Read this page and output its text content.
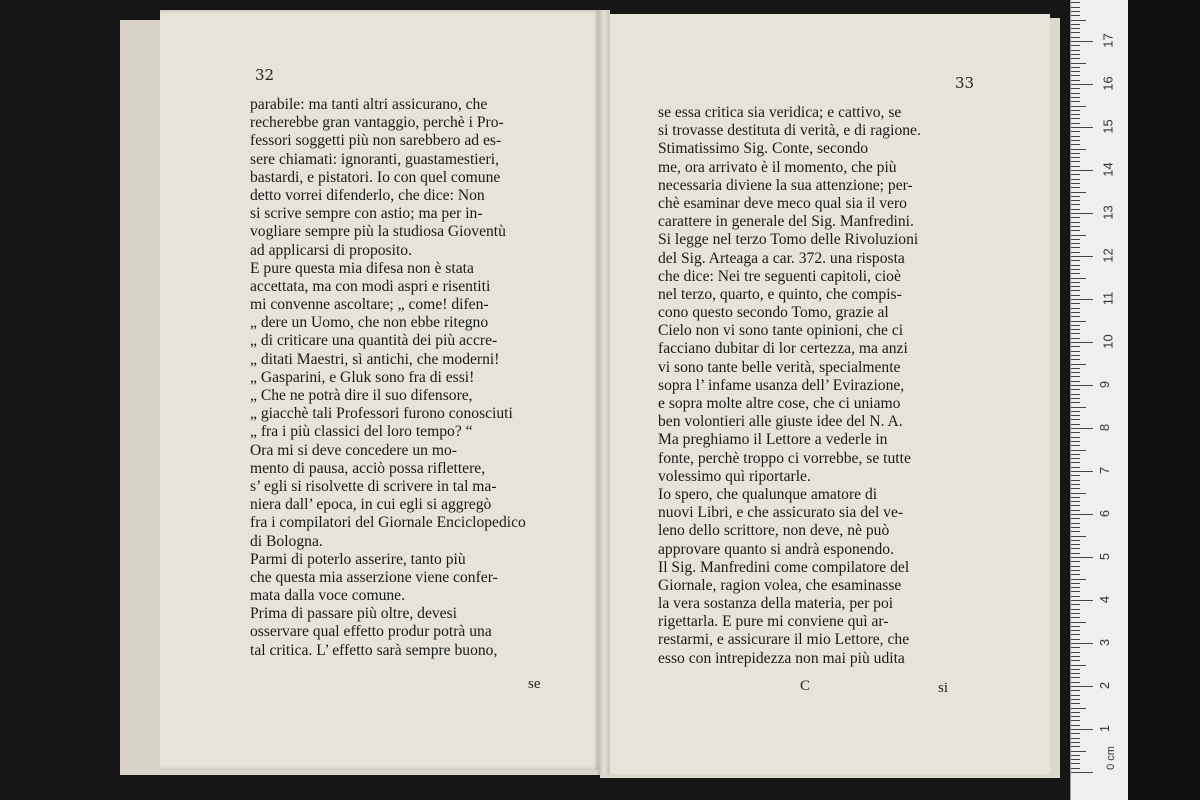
32	33
parabile: ma tanti altri assicurano, che
recherebbe gran vantaggio, perchè i Pro-
fessori soggetti più non sarebbero ad es-
sere chiamati: ignoranti, guastamestieri,
bastardi, e pistatori. Io con quel comune
detto vorrei difenderlo, che dice: Non
si scrive sempre con astio; ma per in-
vogliare sempre più la studiosa Gioventù
ad applicarsi di proposito.
E pure questa mia difesa non è stata
accettata, ma con modi aspri e risentiti
mi convenne ascoltare; „ come! difen-
„ dere un Uomo, che non ebbe ritegno
„ di criticare una quantità dei più accre-
„ ditati Maestri, sì antichi, che moderni!
„ Gasparini, e Gluk sono fra di essi!
„ Che ne potrà dire il suo difensore,
„ giacchè tali Professori furono conosciuti
„ fra i più classici del loro tempo? “
Ora mi si deve concedere un mo-
mento di pausa, acciò possa riflettere,
s’ egli si risolvette di scrivere in tal ma-
niera dall’ epoca, in cui egli si aggregò
fra i compilatori del Giornale Enciclopedico
di Bologna.
Parmi di poterlo asserire, tanto più
che questa mia asserzione viene confer-
mata dalla voce comune.
Prima di passare più oltre, devesi
osservare qual effetto produr potrà una
tal critica. L’ effetto sarà sempre buono,
se essa critica sia veridica; e cattivo, se
si trovasse destituta di verità, e di ragione.
Stimatissimo Sig. Conte, secondo
me, ora arrivato è il momento, che più
necessaria diviene la sua attenzione; per-
chè esaminar deve meco qual sia il vero
carattere in generale del Sig. Manfredini.
Si legge nel terzo Tomo delle Rivoluzioni
del Sig. Arteaga a car. 372. una risposta
che dice: Nei tre seguenti capitoli, cioè
nel terzo, quarto, e quinto, che compis-
cono questo secondo Tomo, grazie al
Cielo non vi sono tante opinioni, che ci
facciano dubitar di lor certezza, ma anzi
vi sono tante belle verità, specialmente
sopra l’ infame usanza dell’ Evirazione,
e sopra molte altre cose, che ci uniamo
ben volontieri alle giuste idee del N. A.
Ma preghiamo il Lettore a vederle in
fonte, perchè troppo ci vorrebbe, se tutte
volessimo quì riportarle.
Io spero, che qualunque amatore di
nuovi Libri, e che assicurato sia del ve-
leno dello scrittore, non deve, nè può
approvare quanto si andrà esponendo.
Il Sig. Manfredini come compilatore del
Giornale, ragion volea, che esaminasse
la vera sostanza della materia, per poi
rigettarla. E pure mi conviene quì ar-
restarmi, e assicurare il mio Lettore, che
esso con intrepidezza non mai più udita
se	C	si
0 cm
1
2
3
4
5
6
7
8
9
10
11
12
13
14
15
16
17
